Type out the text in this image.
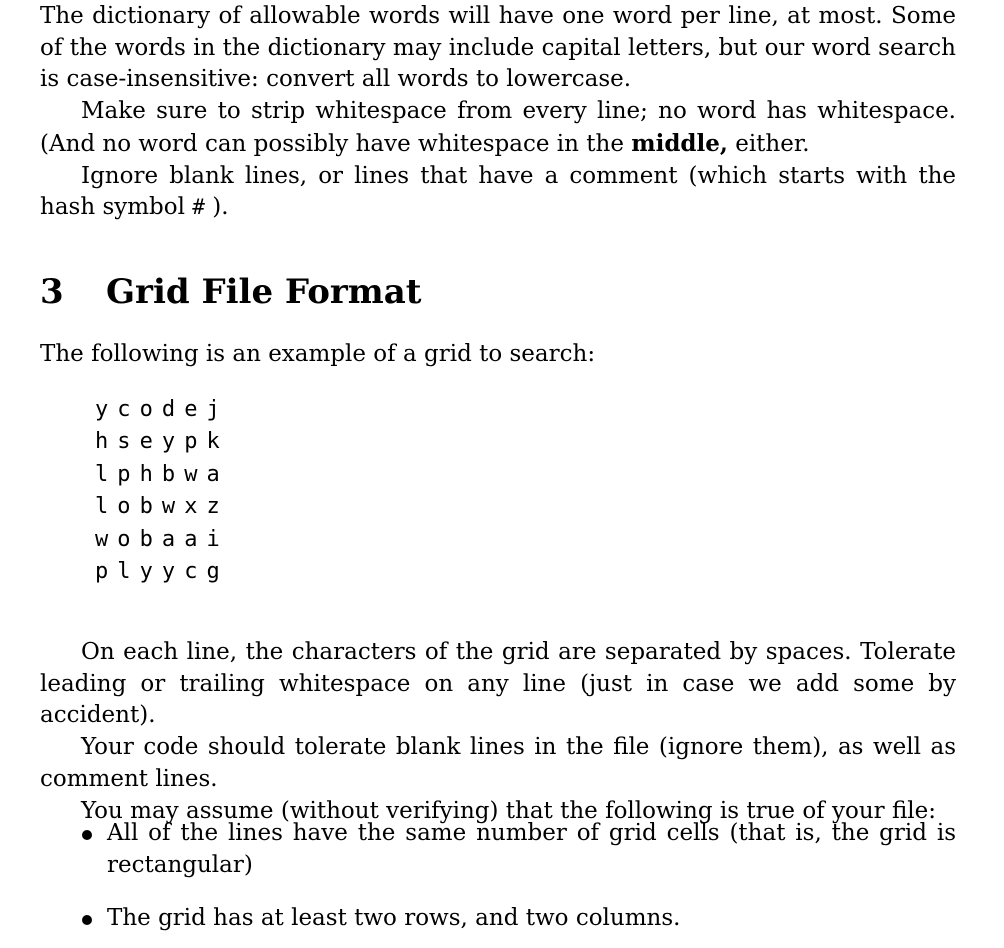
The dictionary of allowable words will have one word per line, at most. Some of the words in the dictionary may include capital letters, but our word search is case-insensitive: convert all words to lowercase.

Make sure to strip whitespace from every line; no word has whitespace. (And no word can possibly have whitespace in the middle, either.

Ignore blank lines, or lines that have a comment (which starts with the hash symbol # ).

3 Grid File Format

The following is an example of a grid to search:

y c o d e j
h s e y p k
l p h b w a
l o b w x z
w o b a a i
p l y y c g

On each line, the characters of the grid are separated by spaces. Tolerate leading or trailing whitespace on any line (just in case we add some by accident).

Your code should tolerate blank lines in the file (ignore them), as well as comment lines.

You may assume (without verifying) that the following is true of your file:

All of the lines have the same number of grid cells (that is, the grid is rectangular)
The grid has at least two rows, and two columns.
